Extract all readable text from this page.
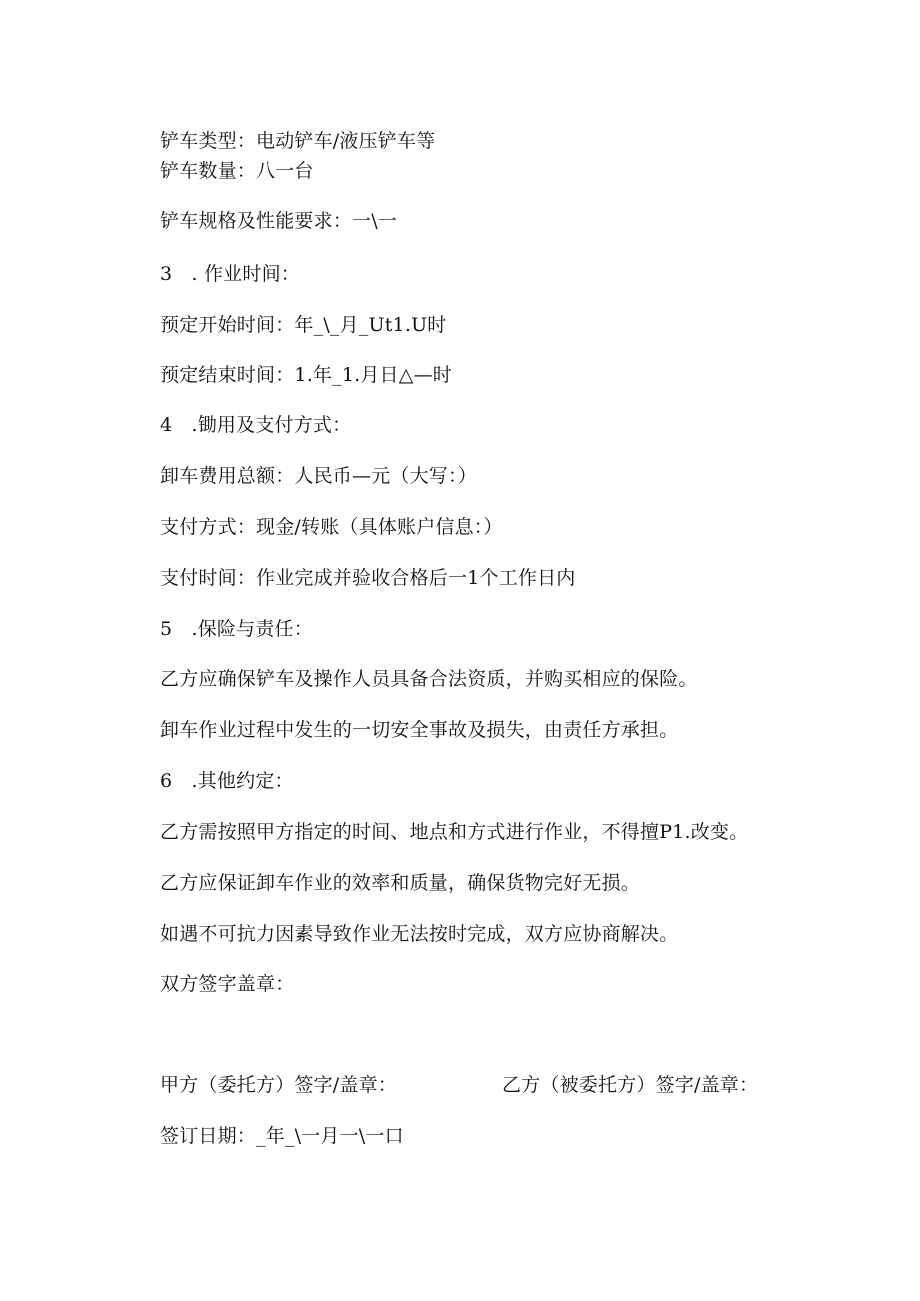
铲车类型：电动铲车/液压铲车等
铲车数量：八一台
铲车规格及性能要求：一\一
3　. 作业时间：
预定开始时间：年_\_月_Ut1.U时
预定结束时间：1.年_1.月日△—时
4　.锄用及支付方式：
卸车费用总额：人民币—元（大写：）
支付方式：现金/转账（具体账户信息：）
支付时间：作业完成并验收合格后一1个工作日内
5　.保险与责任：
乙方应确保铲车及操作人员具备合法资质，并购买相应的保险。
卸车作业过程中发生的一切安全事故及损失，由责任方承担。
6　.其他约定：
乙方需按照甲方指定的时间、地点和方式进行作业，不得擅P1.改变。
乙方应保证卸车作业的效率和质量，确保货物完好无损。
如遇不可抗力因素导致作业无法按时完成，双方应协商解决。
双方签字盖章：
甲方（委托方）签字/盖章：	乙方（被委托方）签字/盖章：
签订日期：_年_\一月一\一口
